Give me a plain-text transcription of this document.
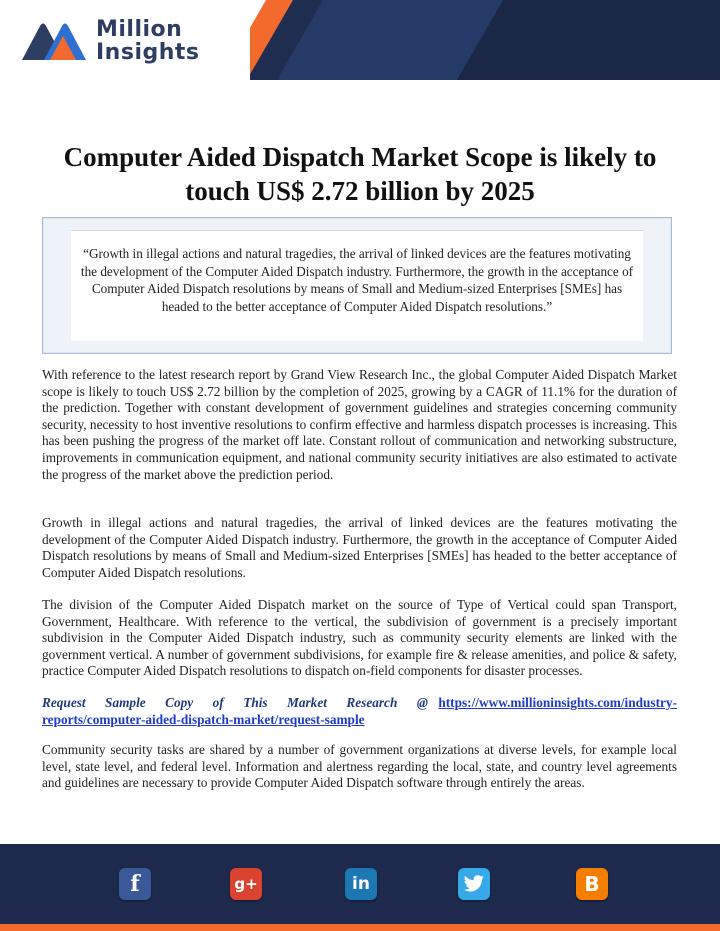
Million
Insights
Computer Aided Dispatch Market Scope is likely to touch US$ 2.72 billion by 2025
“Growth in illegal actions and natural tragedies, the arrival of linked devices are the features motivating the development of the Computer Aided Dispatch industry. Furthermore, the growth in the acceptance of Computer Aided Dispatch resolutions by means of Small and Medium-sized Enterprises [SMEs] has headed to the better acceptance of Computer Aided Dispatch resolutions.”
With reference to the latest research report by Grand View Research Inc., the global Computer Aided Dispatch Market scope is likely to touch US$ 2.72 billion by the completion of 2025, growing by a CAGR of 11.1% for the duration of the prediction. Together with constant development of government guidelines and strategies concerning community security, necessity to host inventive resolutions to confirm effective and harmless dispatch processes is increasing. This has been pushing the progress of the market off late. Constant rollout of communication and networking substructure, improvements in communication equipment, and national community security initiatives are also estimated to activate the progress of the market above the prediction period.
Growth in illegal actions and natural tragedies, the arrival of linked devices are the features motivating the development of the Computer Aided Dispatch industry. Furthermore, the growth in the acceptance of Computer Aided Dispatch resolutions by means of Small and Medium-sized Enterprises [SMEs] has headed to the better acceptance of Computer Aided Dispatch resolutions.
The division of the Computer Aided Dispatch market on the source of Type of Vertical could span Transport, Government, Healthcare. With reference to the vertical, the subdivision of government is a precisely important subdivision in the Computer Aided Dispatch industry, such as community security elements are linked with the government vertical. A number of government subdivisions, for example fire & release amenities, and police & safety, practice Computer Aided Dispatch resolutions to dispatch on-field components for disaster processes.
Request Sample Copy of This Market Research @ https://www.millioninsights.com/industry-reports/computer-aided-dispatch-market/request-sample
Community security tasks are shared by a number of government organizations at diverse levels, for example local level, state level, and federal level. Information and alertness regarding the local, state, and country level agreements and guidelines are necessary to provide Computer Aided Dispatch software through entirely the areas.
f	g+	in	B
